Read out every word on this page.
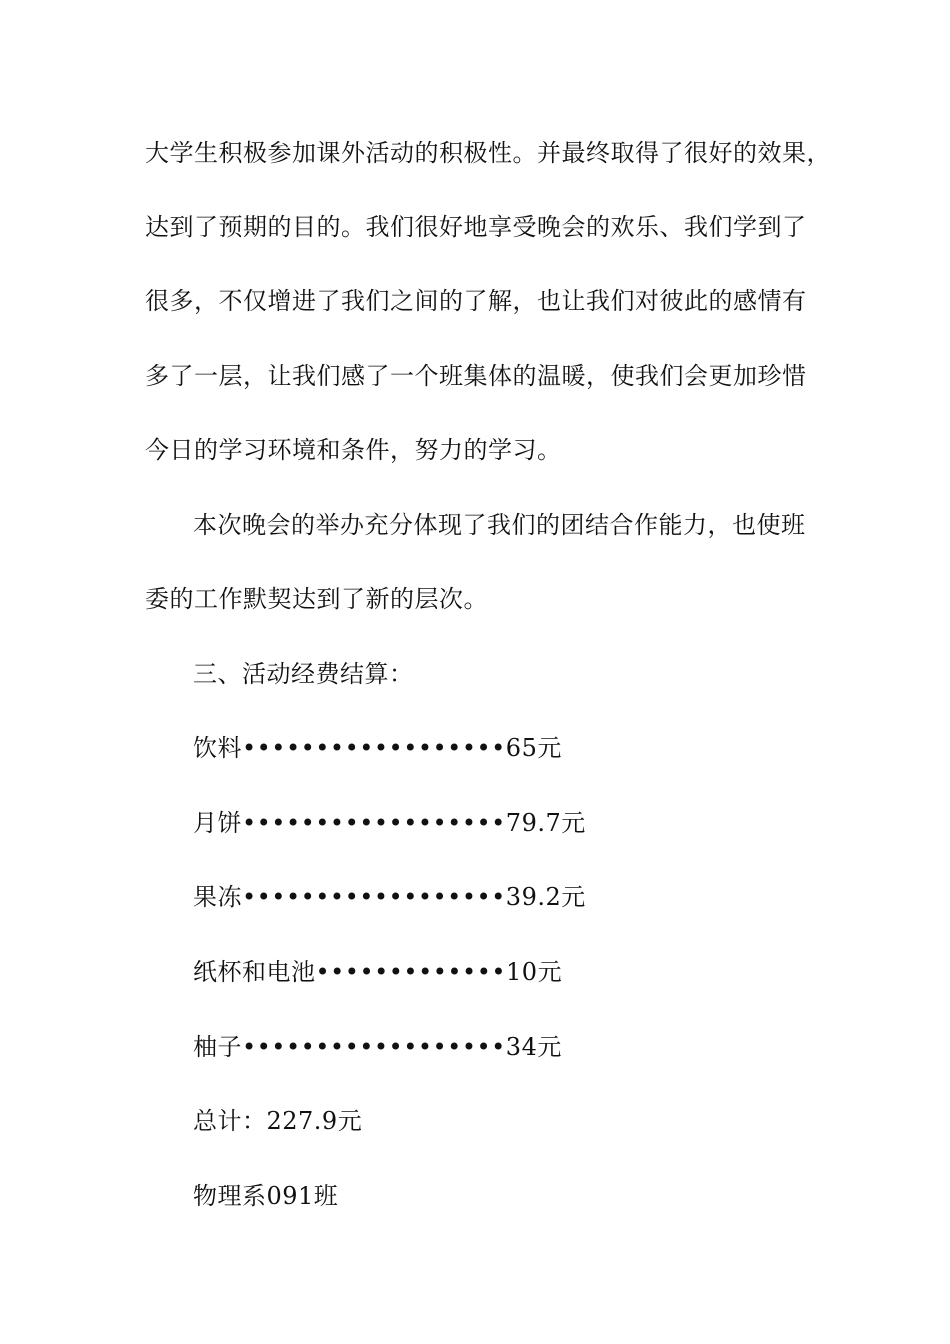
大学生积极参加课外活动的积极性。并最终取得了很好的效果，
达到了预期的目的。我们很好地享受晚会的欢乐、我们学到了
很多，不仅增进了我们之间的了解，也让我们对彼此的感情有
多了一层，让我们感了一个班集体的温暖，使我们会更加珍惜
今日的学习环境和条件，努力的学习。
本次晚会的举办充分体现了我们的团结合作能力，也使班
委的工作默契达到了新的层次。
三、活动经费结算：
饮料••••••••••••••••••65元
月饼••••••••••••••••••79.7元
果冻••••••••••••••••••39.2元
纸杯和电池•••••••••••••10元
柚子••••••••••••••••••34元
总计：227.9元
物理系091班
